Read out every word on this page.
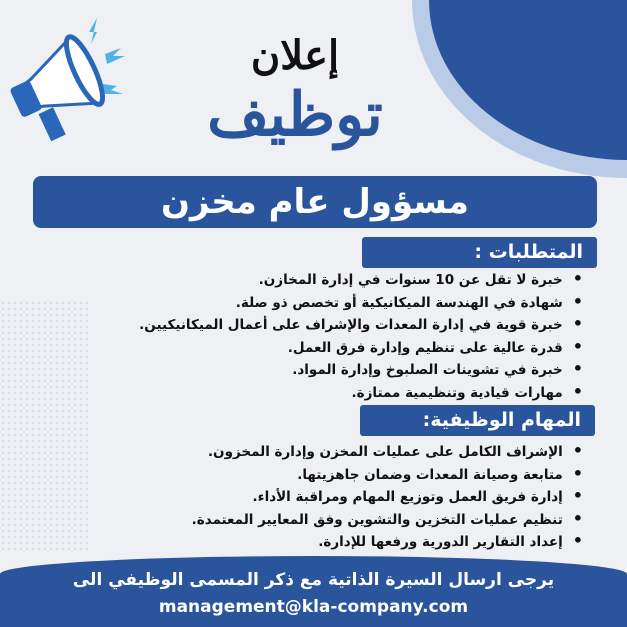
إعلان
توظيف
مسؤول عام مخزن
المتطلبات :
• خبرة لا تقل عن 10 سنوات في إدارة المخازن.
• شهادة في الهندسة الميكانيكية أو تخصص ذو صلة.
• خبرة قوية في إدارة المعدات والإشراف على أعمال الميكانيكيين.
• قدرة عالية على تنظيم وإدارة فرق العمل.
• خبرة في تشوينات الصلبوخ وإدارة المواد.
• مهارات قيادية وتنظيمية ممتازة.
المهام الوظيفية:
• الإشراف الكامل على عمليات المخزن وإدارة المخزون.
• متابعة وصيانة المعدات وضمان جاهزيتها.
• إدارة فريق العمل وتوزيع المهام ومراقبة الأداء.
• تنظيم عمليات التخزين والتشوين وفق المعايير المعتمدة.
• إعداد التقارير الدورية ورفعها للإدارة.
يرجى ارسال السيرة الذاتية مع ذكر المسمى الوظيفي الى
management@kla-company.com
